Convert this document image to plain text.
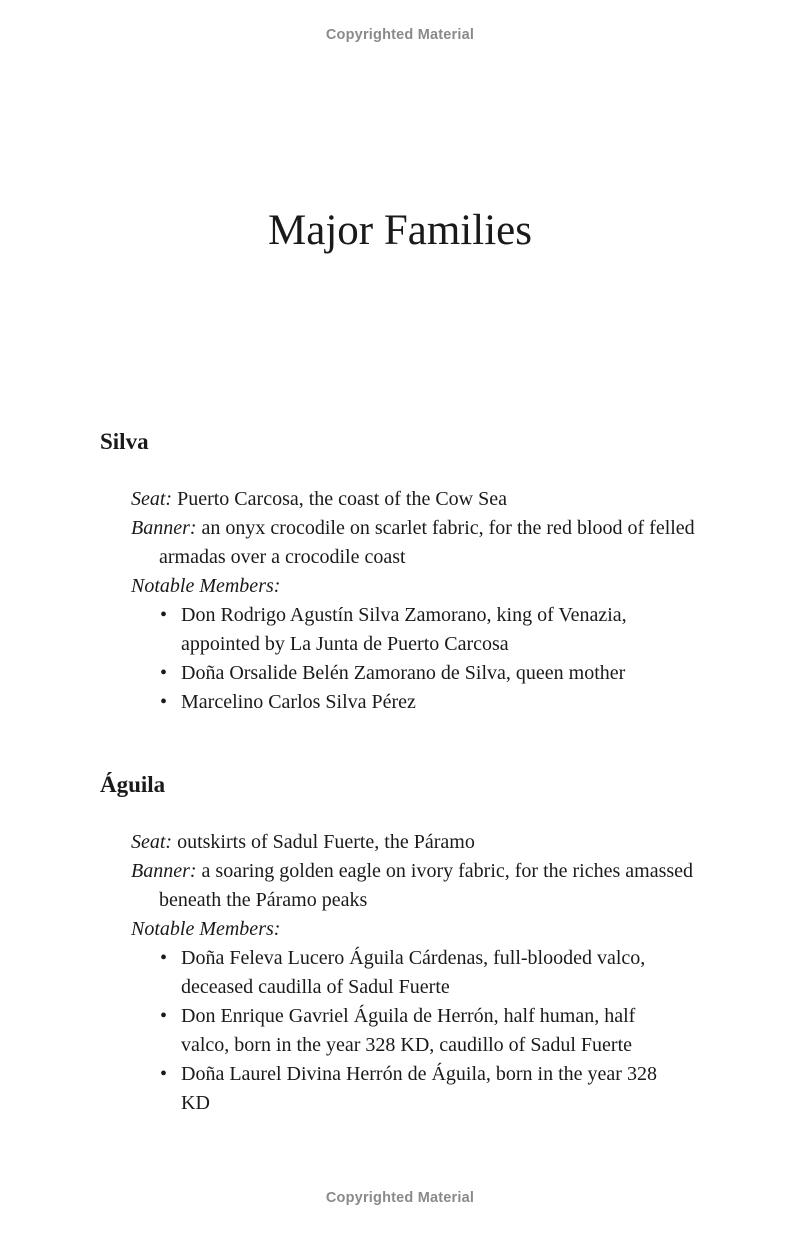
Copyrighted Material
Major Families
Silva

Seat: Puerto Carcosa, the coast of the Cow Sea

Banner: an onyx crocodile on scarlet fabric, for the red blood of felled armadas over a crocodile coast

Notable Members:

• Don Rodrigo Agustín Silva Zamorano, king of Venazia, appointed by La Junta de Puerto Carcosa
• Doña Orsalide Belén Zamorano de Silva, queen mother
• Marcelino Carlos Silva Pérez
Águila

Seat: outskirts of Sadul Fuerte, the Páramo

Banner: a soaring golden eagle on ivory fabric, for the riches amassed beneath the Páramo peaks

Notable Members:

• Doña Feleva Lucero Águila Cárdenas, full-blooded valco, deceased caudilla of Sadul Fuerte
• Don Enrique Gavriel Águila de Herrón, half human, half valco, born in the year 328 KD, caudillo of Sadul Fuerte
• Doña Laurel Divina Herrón de Águila, born in the year 328 KD
Copyrighted Material
